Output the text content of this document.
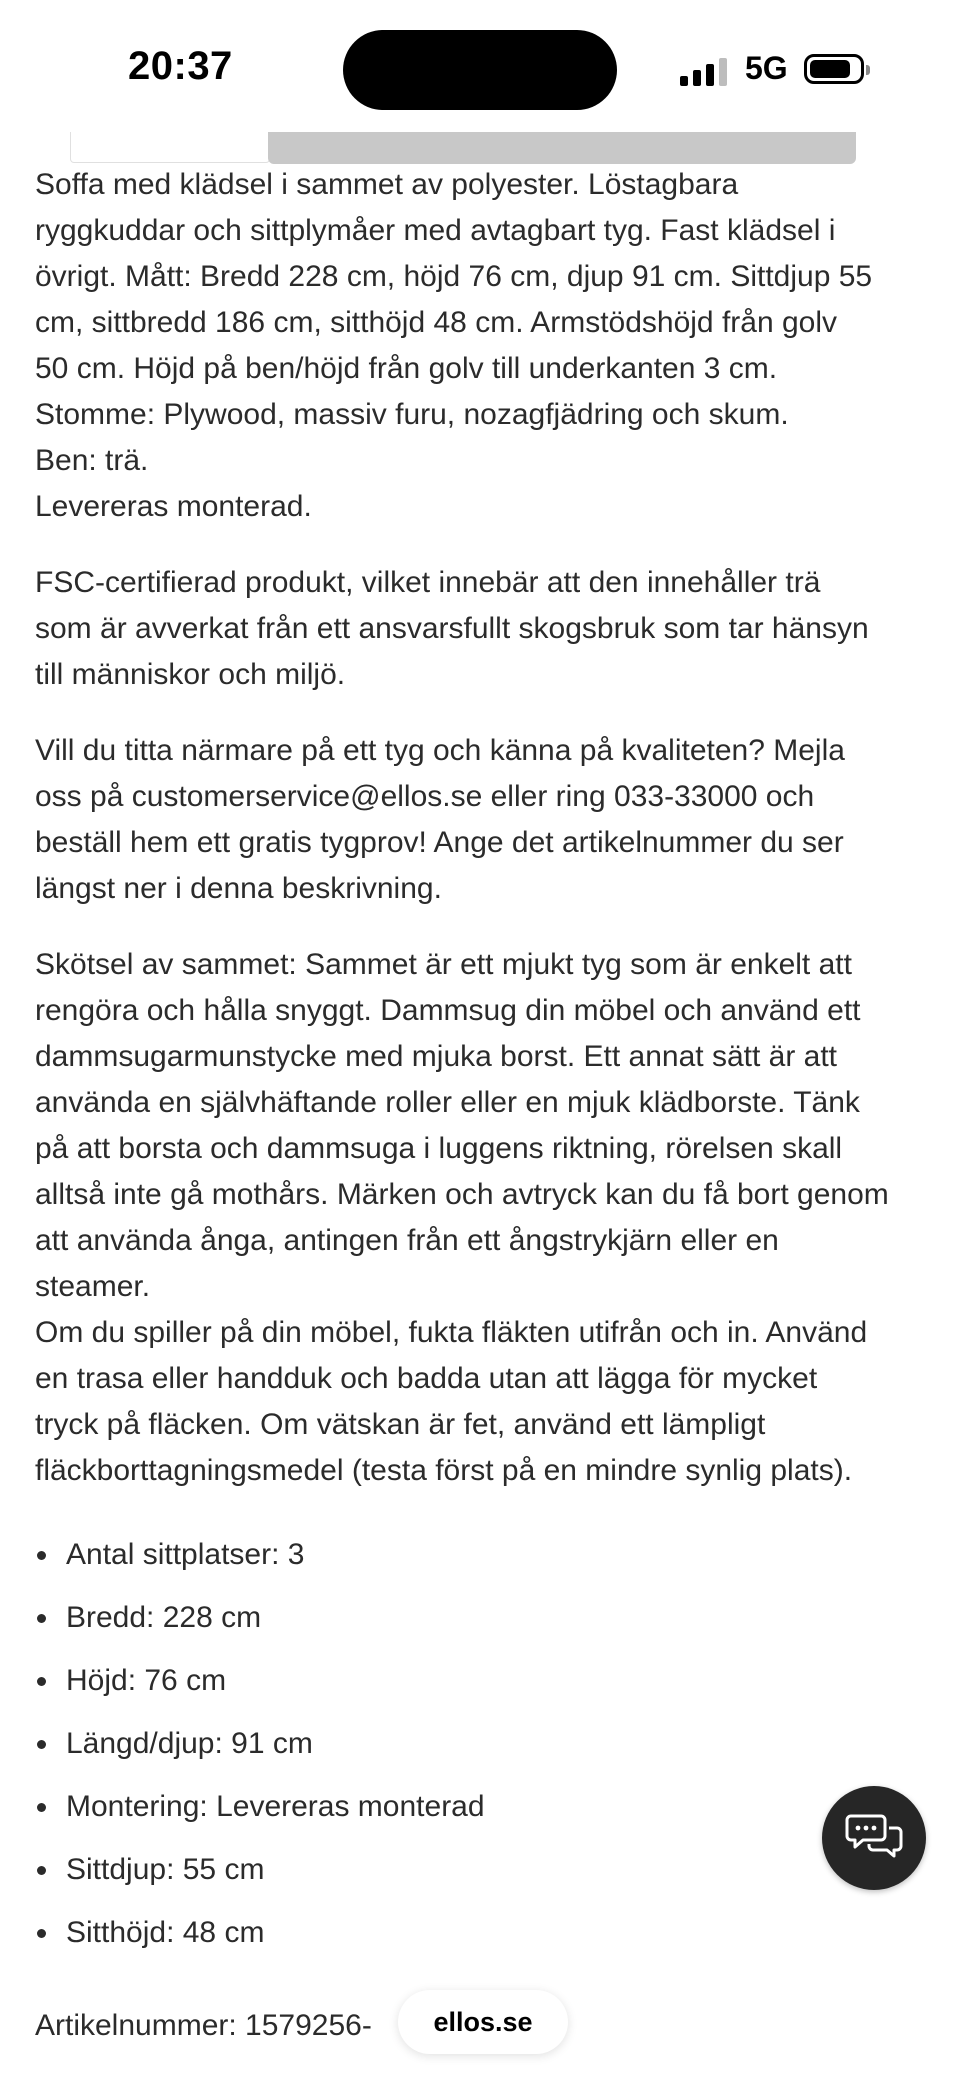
20:37	5G

Soffa med klädsel i sammet av polyester. Löstagbara
ryggkuddar och sittplymåer med avtagbart tyg. Fast klädsel i
övrigt. Mått: Bredd 228 cm, höjd 76 cm, djup 91 cm. Sittdjup 55
cm, sittbredd 186 cm, sitthöjd 48 cm. Armstödshöjd från golv
50 cm. Höjd på ben/höjd från golv till underkanten 3 cm.
Stomme: Plywood, massiv furu, nozagfjädring och skum.
Ben: trä.
Levereras monterad.

FSC-certifierad produkt, vilket innebär att den innehåller trä
som är avverkat från ett ansvarsfullt skogsbruk som tar hänsyn
till människor och miljö.

Vill du titta närmare på ett tyg och känna på kvaliteten? Mejla
oss på customerservice@ellos.se eller ring 033-33000 och
beställ hem ett gratis tygprov! Ange det artikelnummer du ser
längst ner i denna beskrivning.

Skötsel av sammet: Sammet är ett mjukt tyg som är enkelt att
rengöra och hålla snyggt. Dammsug din möbel och använd ett
dammsugarmunstycke med mjuka borst. Ett annat sätt är att
använda en självhäftande roller eller en mjuk klädborste. Tänk
på att borsta och dammsuga i luggens riktning, rörelsen skall
alltså inte gå mothårs. Märken och avtryck kan du få bort genom
att använda ånga, antingen från ett ångstrykjärn eller en
steamer.
Om du spiller på din möbel, fukta fläkten utifrån och in. Använd
en trasa eller handduk och badda utan att lägga för mycket
tryck på fläcken. Om vätskan är fet, använd ett lämpligt
fläckborttagningsmedel (testa först på en mindre synlig plats).

Antal sittplatser: 3
Bredd: 228 cm
Höjd: 76 cm
Längd/djup: 91 cm
Montering: Levereras monterad
Sittdjup: 55 cm
Sitthöjd: 48 cm
Artikelnummer: 1579256-	ellos.se
